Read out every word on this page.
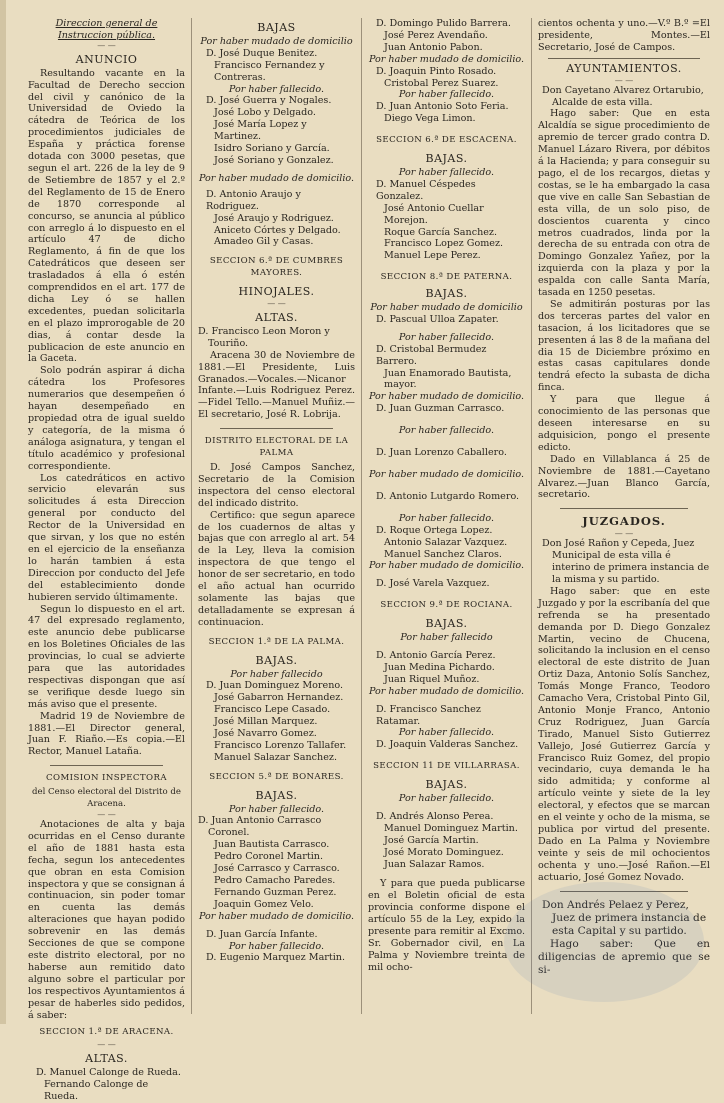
Direccion general de Instruccion pública.

— —
ANUNCIO

Resultando vacante en la Facultad de Derecho seccion del civil y canónico de la Universidad de Oviedo la cátedra de Teórica de los procedimientos judiciales de España y práctica forense dotada con 3000 pesetas, que segun el art. 226 de la ley de 9 de Setiembre de 1857 y el 2.º del Reglamento de 15 de Enero de 1870 corresponde al concurso, se anuncia al público con arreglo á lo dispuesto en el artículo 47 de dicho Reglamento, á fin de que los Catedráticos que deseen ser trasladados á ella ó estén comprendidos en el art. 177 de dicha Ley ó se hallen excedentes, puedan solicitarla en el plazo improrogable de 20 dias, á contar desde la publicacion de este anuncio en la Gaceta.

Solo podrán aspirar á dicha cátedra los Profesores numerarios que desempeñen ó hayan desempeñado en propiedad otra de igual sueldo y categoría, de la misma ó análoga asignatura, y tengan el título académico y profesional correspondiente.

Los catedráticos en activo servicio elevarán sus solicitudes á esta Direccion general por conducto del Rector de la Universidad en que sirvan, y los que no estén en el ejercicio de la enseñanza lo harán tambien á esta Direccion por conducto del Jefe del establecimiento donde hubieren servido últimamente.

Segun lo dispuesto en el art. 47 del expresado reglamento, este anuncio debe publicarse en los Boletines Oficiales de las provincias, lo cual se advierte para que las autoridades respectivas dispongan que así se verifique desde luego sin más aviso que el presente.

Madrid 19 de Noviembre de 1881.—El Director general, Juan F. Riaño.—Es copia.—El Rector, Manuel Lataña.

COMISION INSPECTORA

del Censo electoral del Distrito de Aracena.

— —

Anotaciones de alta y baja ocurridas en el Censo durante el año de 1881 hasta esta fecha, segun los antecedentes que obran en esta Comision inspectora y que se consignan á continuacion, sin poder tomar en cuenta las demás alteraciones que hayan podido sobrevenir en las demás Secciones de que se compone este distrito electoral, por no haberse aun remitido dato alguno sobre el particular por los respectivos Ayuntamientos á pesar de haberles sido pedidos, á saber:

SECCION 1.ª DE ARACENA.
— —
ALTAS.

D. Manuel Calonge de Rueda.

Fernando Calonge de Rueda.

BAJAS

Por haber mudado de domicilio

D. José Duque Benitez.

Francisco Fernandez y Contreras.

Por haber fallecido.

D. José Guerra y Nogales.

José Lobo y Delgado.

José María Lopez y Martinez.

Isidro Soriano y García.

José Soriano y Gonzalez.

Por haber mudado de domicilio.

D. Antonio Araujo y Rodriguez.

José Araujo y Rodriguez.

Aniceto Córtes y Delgado.

Amadeo Gil y Casas.

SECCION 6.ª DE CUMBRES MAYORES.
HINOJALES.
— —
ALTAS.

D. Francisco Leon Moron y Touriño.

Aracena 30 de Noviembre de 1881.—El Presidente, Luis Granados.—Vocales.—Nicanor Infante.—Luis Rodriguez Perez.—Fidel Tello.—Manuel Muñiz.—El secretario, José R. Lobrija.

DISTRITO ELECTORAL DE LA PALMA

D. José Campos Sanchez, Secretario de la Comision inspectora del censo electoral del indicado distrito.

Certifico: que segun aparece de los cuadernos de altas y bajas que con arreglo al art. 54 de la Ley, lleva la comision inspectora de que tengo el honor de ser secretario, en todo el año actual han ocurrido solamente las bajas que detalladamente se expresan á continuacion.

SECCION 1.ª DE LA PALMA.
BAJAS.

Por haber fallecido

D. Juan Dominguez Moreno.

José Gabarron Hernandez.

Francisco Lepe Casado.

José Millan Marquez.

José Navarro Gomez.

Francisco Lorenzo Tallafer.

Manuel Salazar Sanchez.

SECCION 5.ª DE BONARES.
BAJAS.

Por haber fallecido.

D. Juan Antonio Carrasco Coronel.

Juan Bautista Carrasco.

Pedro Coronel Martin.

José Carrasco y Carrasco.

Pedro Camacho Paredes.

Fernando Guzman Perez.

Joaquin Gomez Velo.

Por haber mudado de domicilio.

D. Juan García Infante.

Por haber fallecido.

D. Eugenio Marquez Martin.

D. Domingo Pulido Barrera.

José Perez Avendaño.

Juan Antonio Pabon.

Por haber mudado de domicilio.

D. Joaquin Pinto Rosado.

Cristobal Perez Suarez.

Por haber fallecido.

D. Juan Antonio Soto Feria.

Diego Vega Limon.

SECCION 6.ª DE ESCACENA.
BAJAS.

Por haber fallecido.

D. Manuel Céspedes Gonzalez.

José Antonio Cuellar Morejon.

Roque García Sanchez.

Francisco Lopez Gomez.

Manuel Lepe Perez.

SECCION 8.ª DE PATERNA.
BAJAS.

Por haber mudado de domicilio

D. Pascual Ulloa Zapater.

Por haber fallecido.

D. Cristobal Bermudez Barrero.

Juan Enamorado Bautista, mayor.

Por haber mudado de domicilio.

D. Juan Guzman Carrasco.

Por haber fallecido.

D. Juan Lorenzo Caballero.

Por haber mudado de domicilio.

D. Antonio Lutgardo Romero.

Por haber fallecido.

D. Roque Ortega Lopez.

Antonio Salazar Vazquez.

Manuel Sanchez Claros.

Por haber mudado de domicilio.

D. José Varela Vazquez.

SECCION 9.ª DE ROCIANA.
BAJAS.

Por haber fallecido

D. Antonio García Perez.

Juan Medina Pichardo.

Juan Riquel Muñoz.

Por haber mudado de domicilio.

D. Francisco Sanchez Ratamar.

Por haber fallecido.

D. Joaquin Valderas Sanchez.

SECCION 11 DE VILLARRASA.
BAJAS.

Por haber fallecido.

D. Andrés Alonso Perea.

Manuel Dominguez Martin.

José García Martin.

José Morato Dominguez.

Juan Salazar Ramos.

Y para que pueda publicarse en el Boletin oficial de esta provincia conforme dispone el artículo 55 de la Ley, expido la presente para remitir al Excmo. Sr. Gobernador civil, en La Palma y Noviembre treinta de mil ocho-

cientos ochenta y uno.—V.º B.º =El presidente, Montes.—El Secretario, José de Campos.

AYUNTAMIENTOS.
— —

Don Cayetano Alvarez Ortarubio, Alcalde de esta villa.

Hago saber: Que en esta Alcaldía se sigue procedimiento de apremio de tercer grado contra D. Manuel Lázaro Rivera, por débitos á la Hacienda; y para conseguir su pago, el de los recargos, dietas y costas, se le ha embargado la casa que vive en calle San Sebastian de esta villa, de un solo piso, de doscientos cuarenta y cinco metros cuadrados, linda por la derecha de su entrada con otra de Domingo Gonzalez Yañez, por la izquierda con la plaza y por la espalda con calle Santa María, tasada en 1250 pesetas.

Se admitirán posturas por las dos terceras partes del valor en tasacion, á los licitadores que se presenten á las 8 de la mañana del dia 15 de Diciembre próximo en estas casas capitulares donde tendrá efecto la subasta de dicha finca.

Y para que llegue á conocimiento de las personas que deseen interesarse en su adquisicion, pongo el presente edicto.

Dado en Villablanca á 25 de Noviembre de 1881.—Cayetano Alvarez.—Juan Blanco García, secretario.

JUZGADOS.
— —

Don José Rañon y Cepeda, Juez Municipal de esta villa é interino de primera instancia de la misma y su partido.

Hago saber: que en este Juzgado y por la escribanía del que refrenda se ha presentado demanda por D. Diego Gonzalez Martin, vecino de Chucena, solicitando la inclusion en el censo electoral de este distrito de Juan Ortiz Daza, Antonio Solís Sanchez, Tomás Monge Franco, Teodoro Camacho Vera, Cristobal Pinto Gil, Antonio Monje Franco, Antonio Cruz Rodriguez, Juan García Tirado, Manuel Sisto Gutierrez Vallejo, José Gutierrez García y Francisco Ruiz Gomez, del propio vecindario, cuya demanda le ha sido admitida; y conforme al artículo veinte y siete de la ley electoral, y efectos que se marcan en el veinte y ocho de la misma, se publica por virtud del presente. Dado en La Palma y Noviembre veinte y seis de mil ochocientos ochenta y uno.—José Rañon.—El actuario, José Gomez Novado.

Don Andrés Pelaez y Perez, Juez de primera instancia de esta Capital y su partido.

Hago saber: Que en diligencias de apremio que se si-
